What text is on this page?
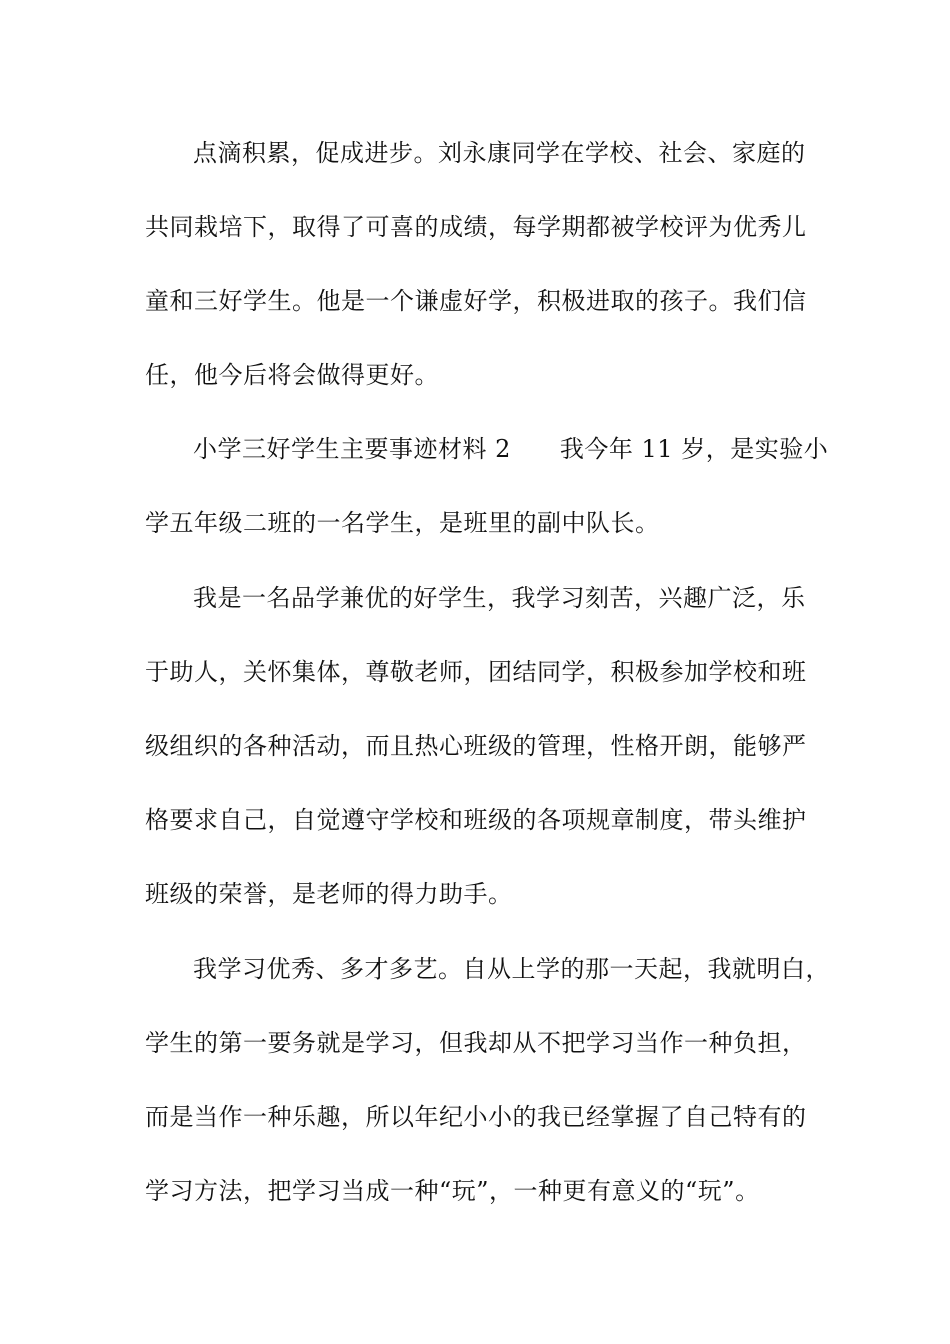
点滴积累，促成进步。刘永康同学在学校、社会、家庭的
共同栽培下，取得了可喜的成绩，每学期都被学校评为优秀儿
童和三好学生。他是一个谦虚好学，积极进取的孩子。我们信
任，他今后将会做得更好。
小学三好学生主要事迹材料 2　　我今年 11 岁，是实验小
学五年级二班的一名学生，是班里的副中队长。
我是一名品学兼优的好学生，我学习刻苦，兴趣广泛，乐
于助人，关怀集体，尊敬老师，团结同学，积极参加学校和班
级组织的各种活动，而且热心班级的管理，性格开朗，能够严
格要求自己，自觉遵守学校和班级的各项规章制度，带头维护
班级的荣誉，是老师的得力助手。
我学习优秀、多才多艺。自从上学的那一天起，我就明白，
学生的第一要务就是学习，但我却从不把学习当作一种负担，
而是当作一种乐趣，所以年纪小小的我已经掌握了自己特有的
学习方法，把学习当成一种“玩”，一种更有意义的“玩”。
